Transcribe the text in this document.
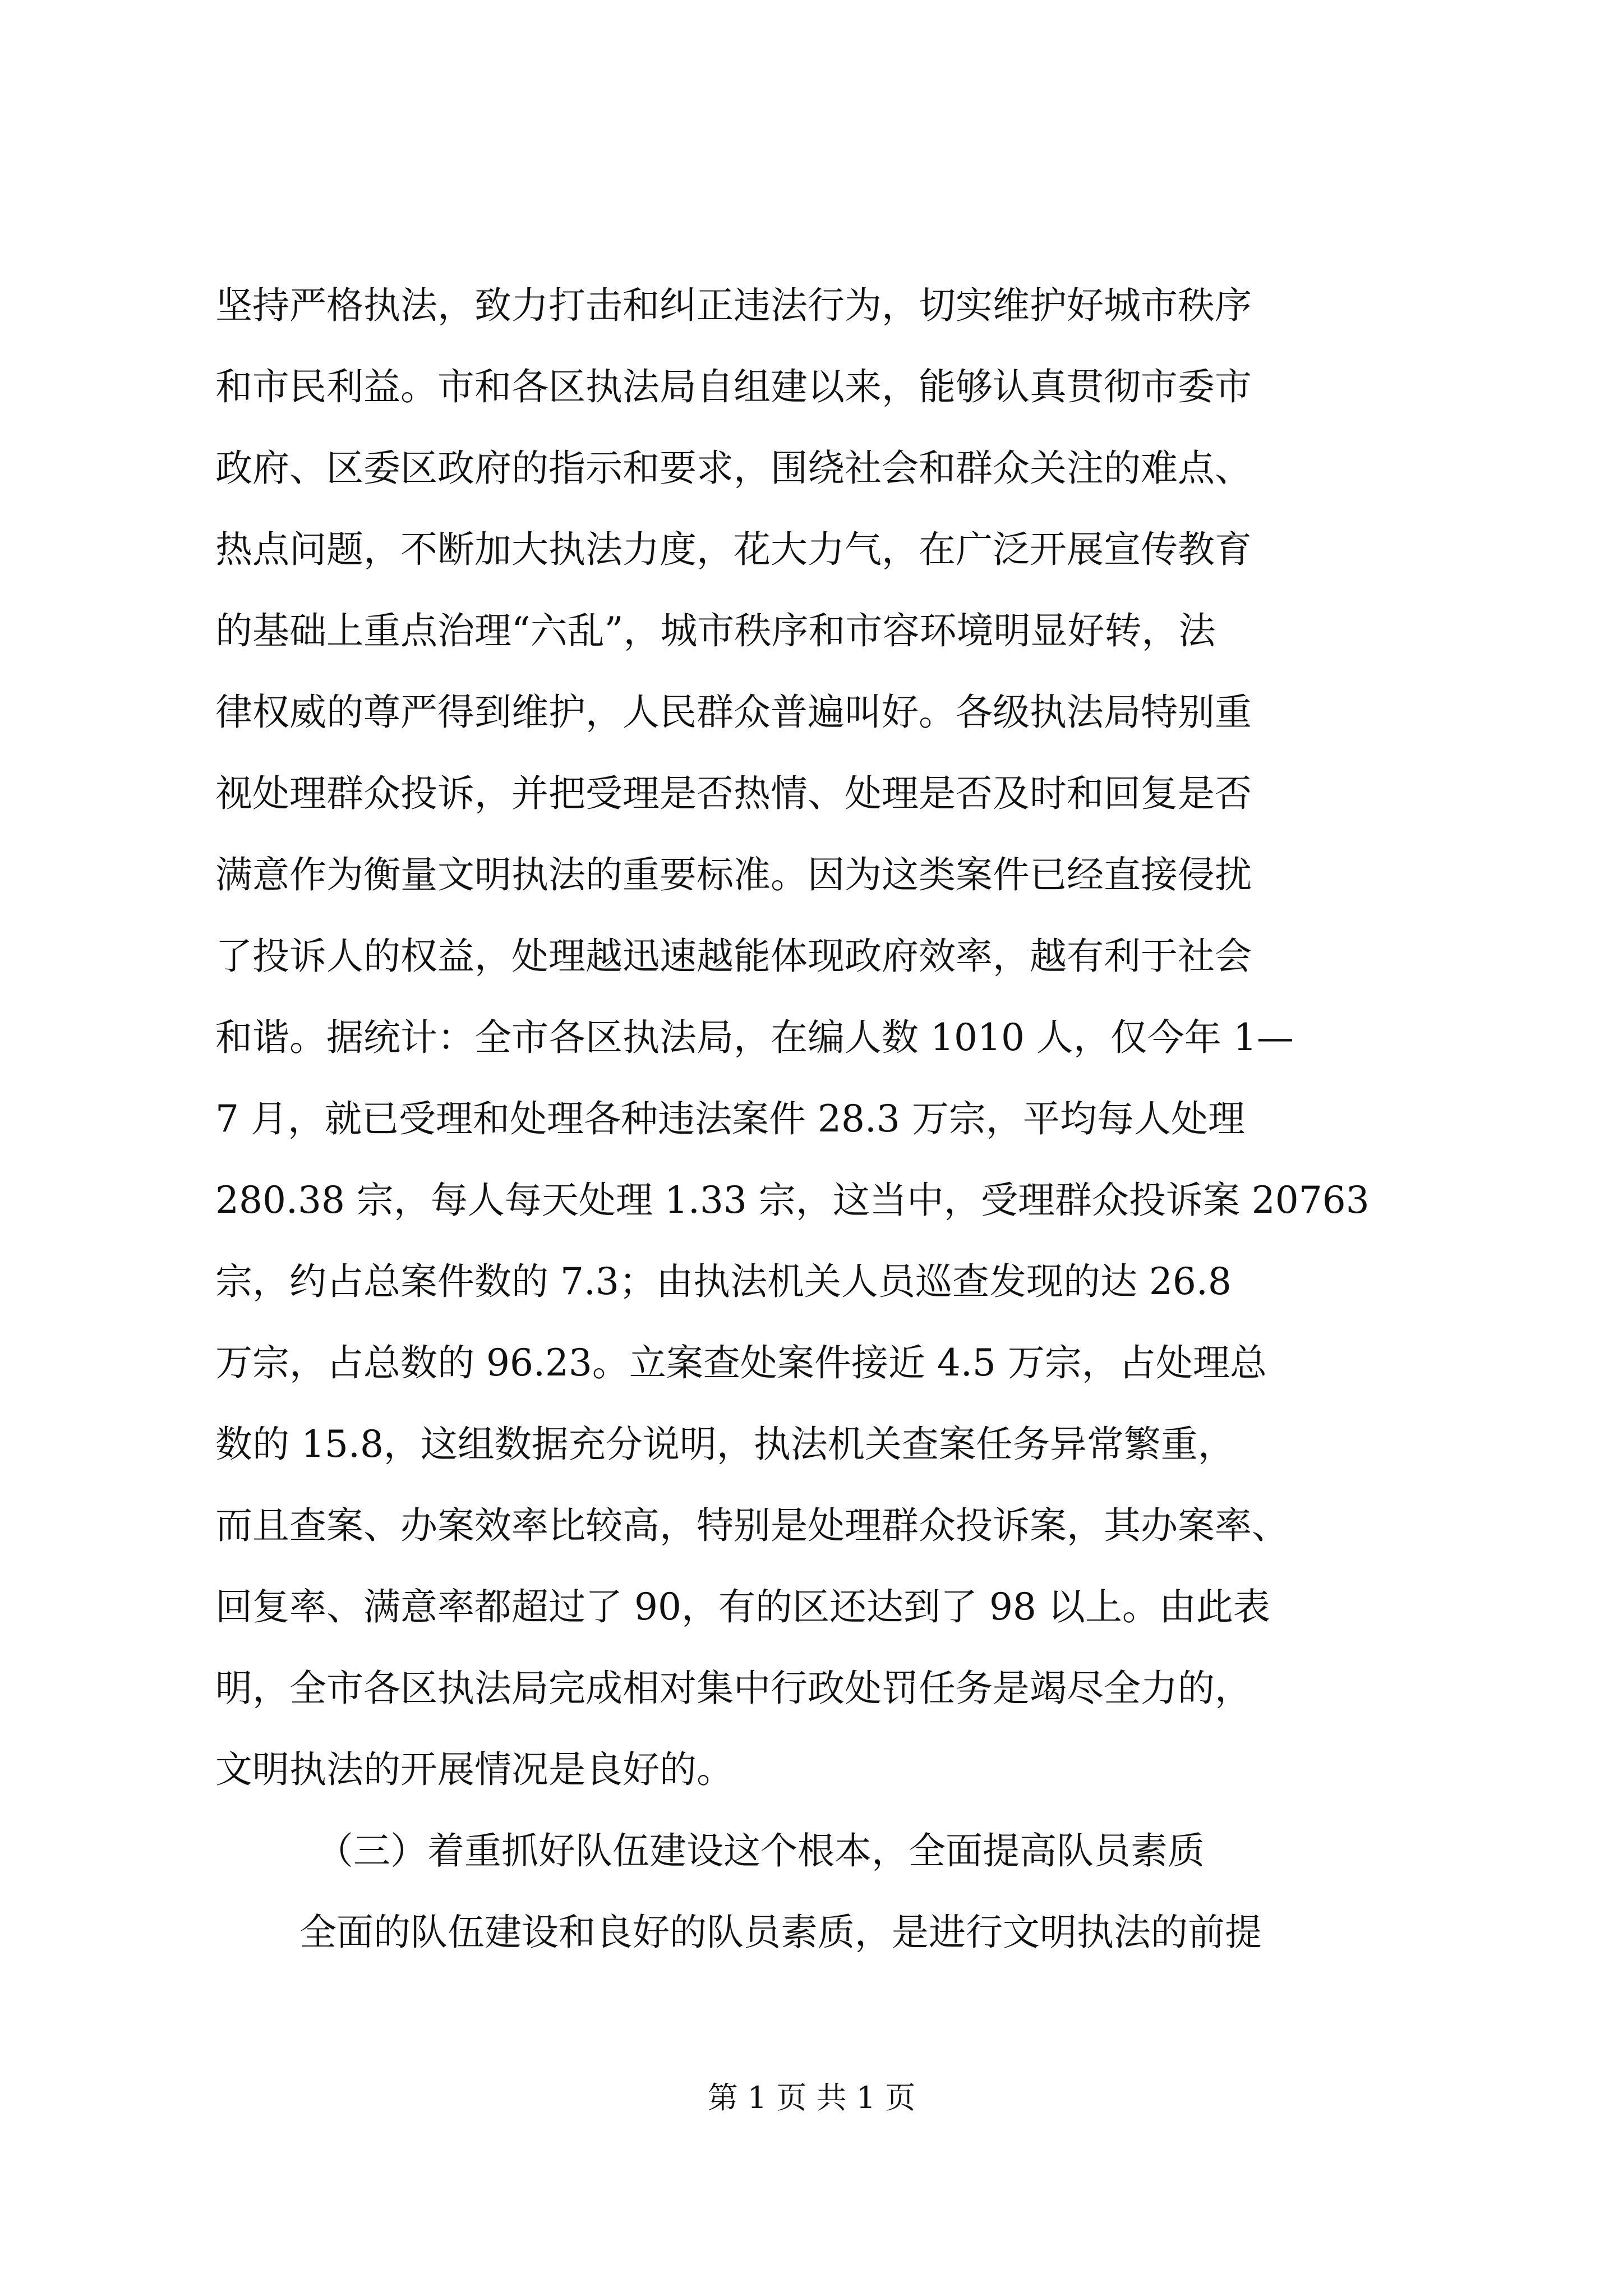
坚持严格执法，致力打击和纠正违法行为，切实维护好城市秩序
和市民利益。市和各区执法局自组建以来，能够认真贯彻市委市
政府、区委区政府的指示和要求，围绕社会和群众关注的难点、
热点问题，不断加大执法力度，花大力气，在广泛开展宣传教育
的基础上重点治理“六乱”，城市秩序和市容环境明显好转，法
律权威的尊严得到维护，人民群众普遍叫好。各级执法局特别重
视处理群众投诉，并把受理是否热情、处理是否及时和回复是否
满意作为衡量文明执法的重要标准。因为这类案件已经直接侵扰
了投诉人的权益，处理越迅速越能体现政府效率，越有利于社会
和谐。据统计：全市各区执法局，在编人数 1010 人，仅今年 1—
7 月，就已受理和处理各种违法案件 28.3 万宗，平均每人处理
280.38 宗，每人每天处理 1.33 宗，这当中，受理群众投诉案 20763
宗，约占总案件数的 7.3；由执法机关人员巡查发现的达 26.8
万宗，占总数的 96.23。立案查处案件接近 4.5 万宗，占处理总
数的 15.8，这组数据充分说明，执法机关查案任务异常繁重，
而且查案、办案效率比较高，特别是处理群众投诉案，其办案率、
回复率、满意率都超过了 90，有的区还达到了 98 以上。由此表
明，全市各区执法局完成相对集中行政处罚任务是竭尽全力的，
文明执法的开展情况是良好的。
（三）着重抓好队伍建设这个根本，全面提高队员素质
全面的队伍建设和良好的队员素质，是进行文明执法的前提
第 1 页 共 1 页
